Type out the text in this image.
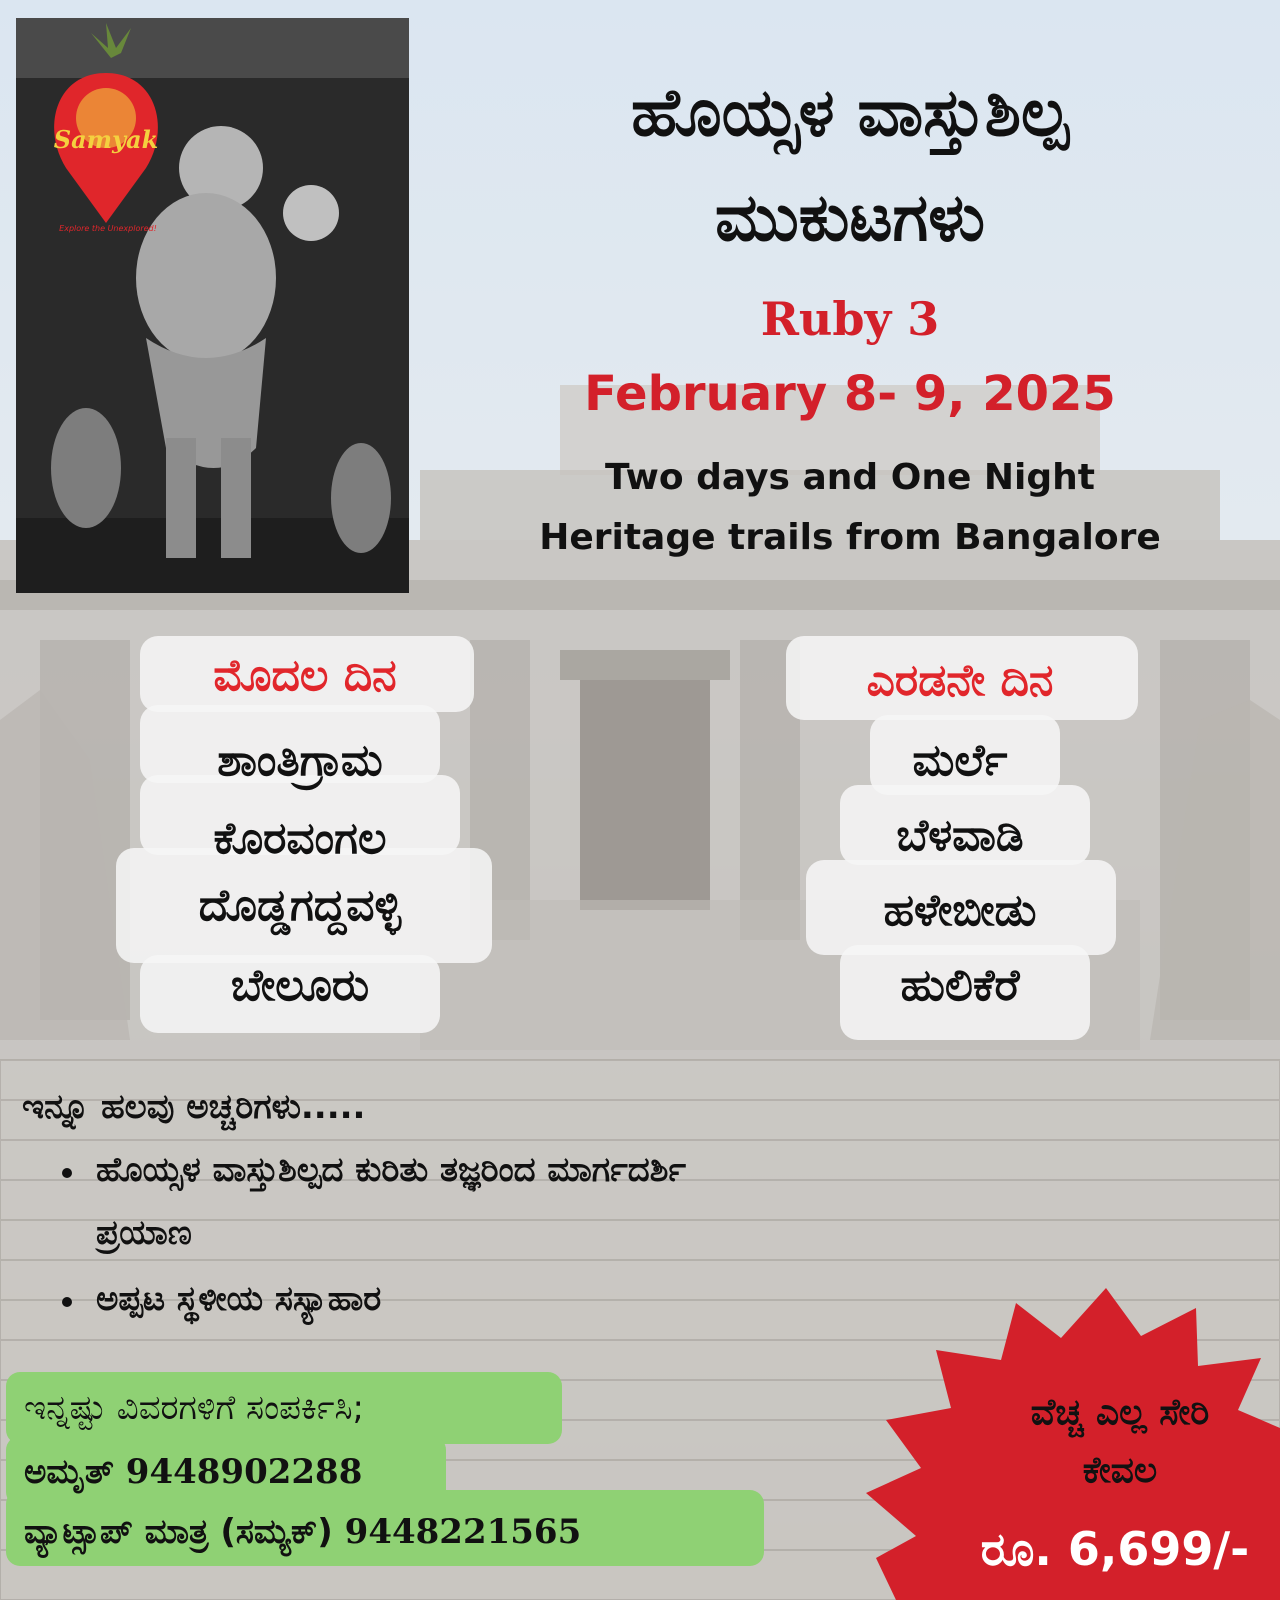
Samyak
Explore the Unexplored!
ಹೊಯ್ಸಳ ವಾಸ್ತುಶಿಲ್ಪ
ಮುಕುಟಗಳು
Ruby 3
February 8- 9, 2025
Two days and One Night
Heritage trails from Bangalore
ಮೊದಲ ದಿನ
ಶಾಂತಿಗ್ರಾಮ
ಕೊರವಂಗಲ
ದೊಡ್ಡಗದ್ದವಳ್ಳಿ
ಬೇಲೂರು
ಎರಡನೇ ದಿನ
ಮರ್ಲೆ
ಬೆಳವಾಡಿ
ಹಳೇಬೀಡು
ಹುಲಿಕೆರೆ
ಇನ್ನೂ ಹಲವು ಅಚ್ಚರಿಗಳು.....
ಹೊಯ್ಸಳ ವಾಸ್ತುಶಿಲ್ಪದ ಕುರಿತು ತಜ್ಞರಿಂದ ಮಾರ್ಗದರ್ಶಿ
ಪ್ರಯಾಣ
ಅಪ್ಪಟ ಸ್ಥಳೀಯ ಸಸ್ಯಾಹಾರ
ಇನ್ನಷ್ಟು ವಿವರಗಳಿಗೆ ಸಂಪರ್ಕಿಸಿ;
ಅಮೃತ್ 9448902288
ವ್ಯಾಟ್ಸಾಪ್ ಮಾತ್ರ (ಸಮ್ಯಕ್) 9448221565
ವೆಚ್ಚ ಎಲ್ಲ ಸೇರಿ
ಕೇವಲ
ರೂ. 6,699/-
